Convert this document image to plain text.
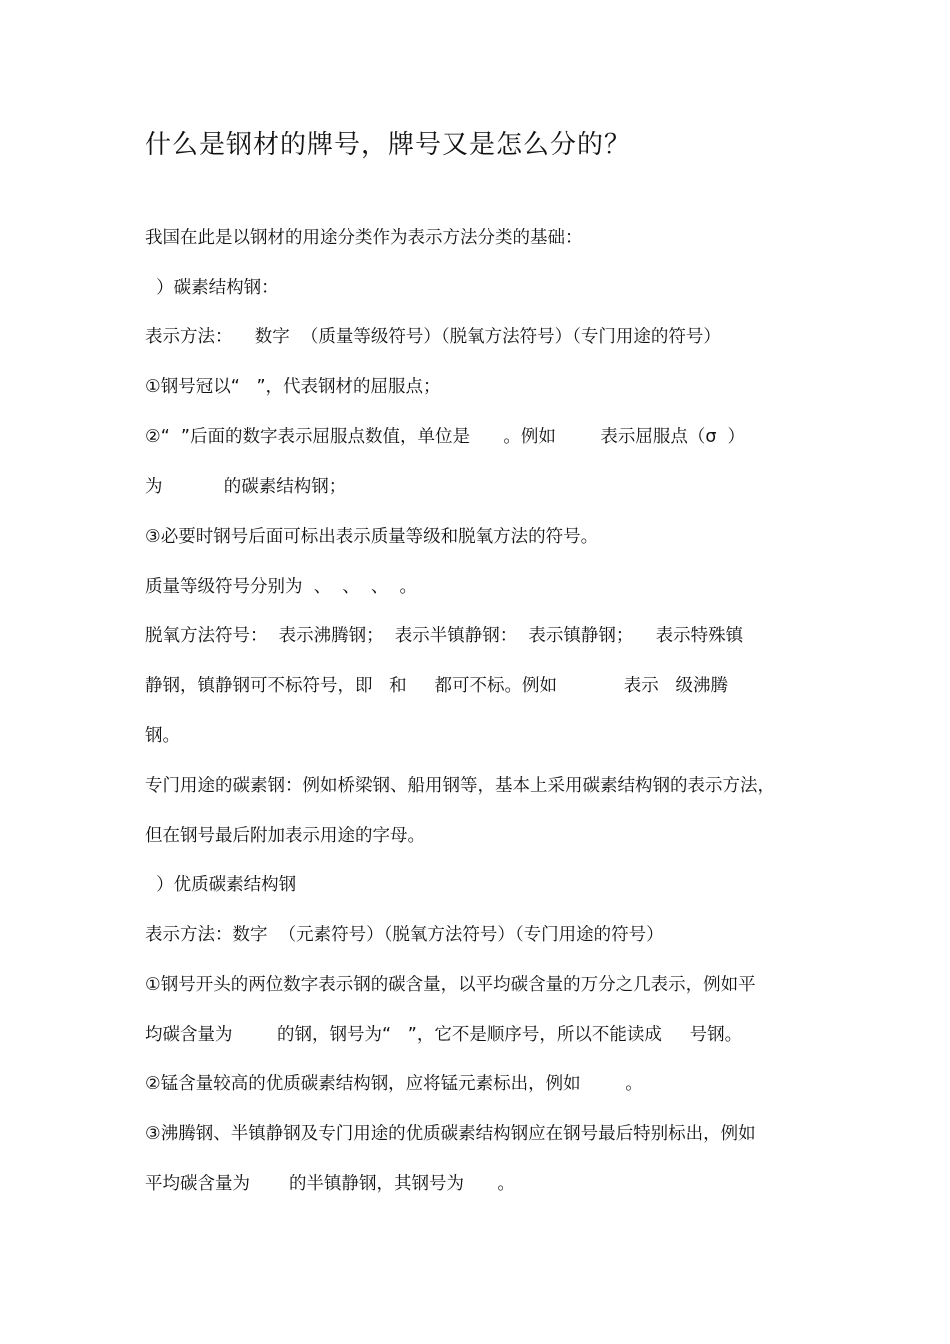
什么是钢材的牌号，牌号又是怎么分的？

我国在此是以钢材的用途分类作为表示方法分类的基础：

）碳素结构钢：

表示方法：    数字  （质量等级符号）（脱氧方法符号）（专门用途的符号）

①钢号冠以“   ”，代表钢材的屈服点；

②“  ”后面的数字表示屈服点数值，单位是      。例如        表示屈服点（σ  ）

为           的碳素结构钢；

③必要时钢号后面可标出表示质量等级和脱氧方法的符号。

质量等级符号分别为  、  、  、  。

脱氧方法符号：  表示沸腾钢；  表示半镇静钢：  表示镇静钢；    表示特殊镇

静钢，镇静钢可不标符号，即   和     都可不标。例如            表示   级沸腾

钢。

专门用途的碳素钢：例如桥梁钢、船用钢等，基本上采用碳素结构钢的表示方法，

但在钢号最后附加表示用途的字母。

）优质碳素结构钢

表示方法：数字  （元素符号）（脱氧方法符号）（专门用途的符号）

①钢号开头的两位数字表示钢的碳含量，以平均碳含量的万分之几表示，例如平

均碳含量为        的钢，钢号为“   ”，它不是顺序号，所以不能读成     号钢。

②锰含量较高的优质碳素结构钢，应将锰元素标出，例如        。

③沸腾钢、半镇静钢及专门用途的优质碳素结构钢应在钢号最后特别标出，例如

平均碳含量为       的半镇静钢，其钢号为      。
